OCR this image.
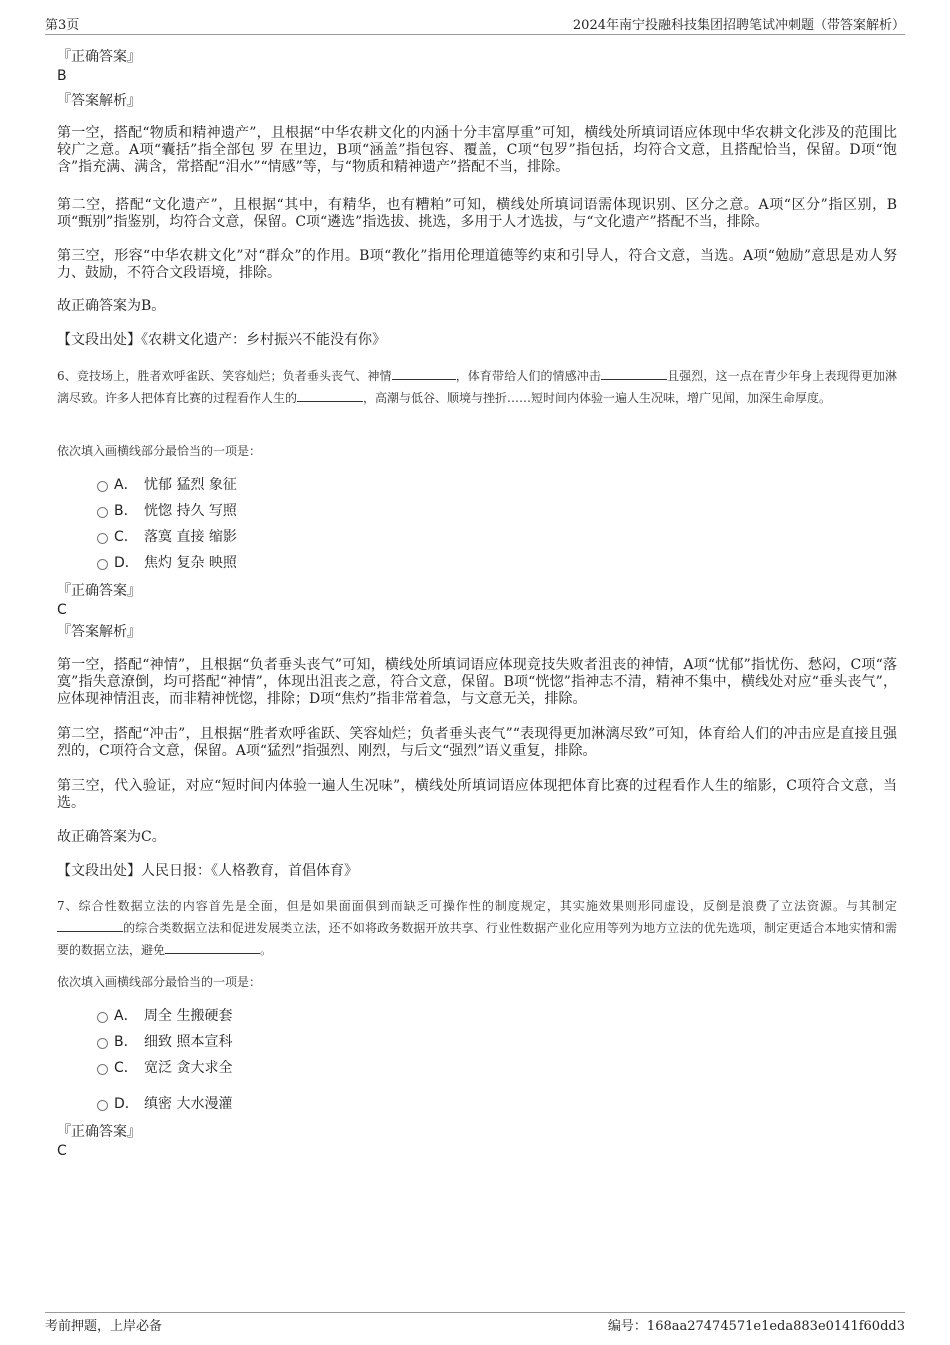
第3页	2024年南宁投融科技集团招聘笔试冲刺题（带答案解析）
『正确答案』
B
『答案解析』
第一空，搭配“物质和精神遗产”，且根据“中华农耕文化的内涵十分丰富厚重”可知，横线处所填词语应体现中华农耕文化涉及的范围比较广之意。A项“囊括”指全部包 罗 在里边，B项“涵盖”指包容、覆盖，C项“包罗”指包括，均符合文意，且搭配恰当，保留。D项“饱含”指充满、满含，常搭配“泪水”“情感”等，与“物质和精神遗产”搭配不当，排除。
第二空，搭配“文化遗产”，且根据“其中，有精华，也有糟粕”可知，横线处所填词语需体现识别、区分之意。A项“区分”指区别，B项“甄别”指鉴别，均符合文意，保留。C项“遴选”指选拔、挑选，多用于人才选拔，与“文化遗产”搭配不当，排除。
第三空，形容“中华农耕文化”对“群众”的作用。B项“教化”指用伦理道德等约束和引导人，符合文意，当选。A项“勉励”意思是劝人努力、鼓励，不符合文段语境，排除。
故正确答案为B。
【文段出处】《农耕文化遗产：乡村振兴不能没有你》
6、竞技场上，胜者欢呼雀跃、笑容灿烂；负者垂头丧气、神情	，体育带给人们的情感冲击	且强烈，这一点在青少年身上表现得更加淋漓尽致。许多人把体育比赛的过程看作人生的	，高潮与低谷、顺境与挫折……短时间内体验一遍人生况味，增广见闻，加深生命厚度。
依次填入画横线部分最恰当的一项是：
A． 忧郁 猛烈 象征
B． 恍惚 持久 写照
C． 落寞 直接 缩影
D． 焦灼 复杂 映照
『正确答案』
C
『答案解析』
第一空，搭配“神情”，且根据“负者垂头丧气”可知，横线处所填词语应体现竞技失败者沮丧的神情，A项“忧郁”指忧伤、愁闷，C项“落寞”指失意潦倒，均可搭配“神情”，体现出沮丧之意，符合文意，保留。B项“恍惚”指神志不清，精神不集中，横线处对应“垂头丧气”，应体现神情沮丧，而非精神恍惚，排除；D项“焦灼”指非常着急，与文意无关，排除。
第二空，搭配“冲击”，且根据“胜者欢呼雀跃、笑容灿烂；负者垂头丧气”“表现得更加淋漓尽致”可知，体育给人们的冲击应是直接且强烈的，C项符合文意，保留。A项“猛烈”指强烈、刚烈，与后文“强烈”语义重复，排除。
第三空，代入验证，对应“短时间内体验一遍人生况味”，横线处所填词语应体现把体育比赛的过程看作人生的缩影，C项符合文意，当选。
故正确答案为C。
【文段出处】人民日报：《人格教育，首倡体育》
7、综合性数据立法的内容首先是全面，但是如果面面俱到而缺乏可操作性的制度规定，其实施效果则形同虚设，反倒是浪费了立法资源。与其制定的综合类数据立法和促进发展类立法，还不如将政务数据开放共享、行业性数据产业化应用等列为地方立法的优先选项，制定更适合本地实情和需要的数据立法，避免	。
依次填入画横线部分最恰当的一项是：
A． 周全 生搬硬套
B． 细致 照本宣科
C． 宽泛 贪大求全
D． 缜密 大水漫灌
『正确答案』
C
考前押题，上岸必备	编号：168aa27474571e1eda883e0141f60dd3
